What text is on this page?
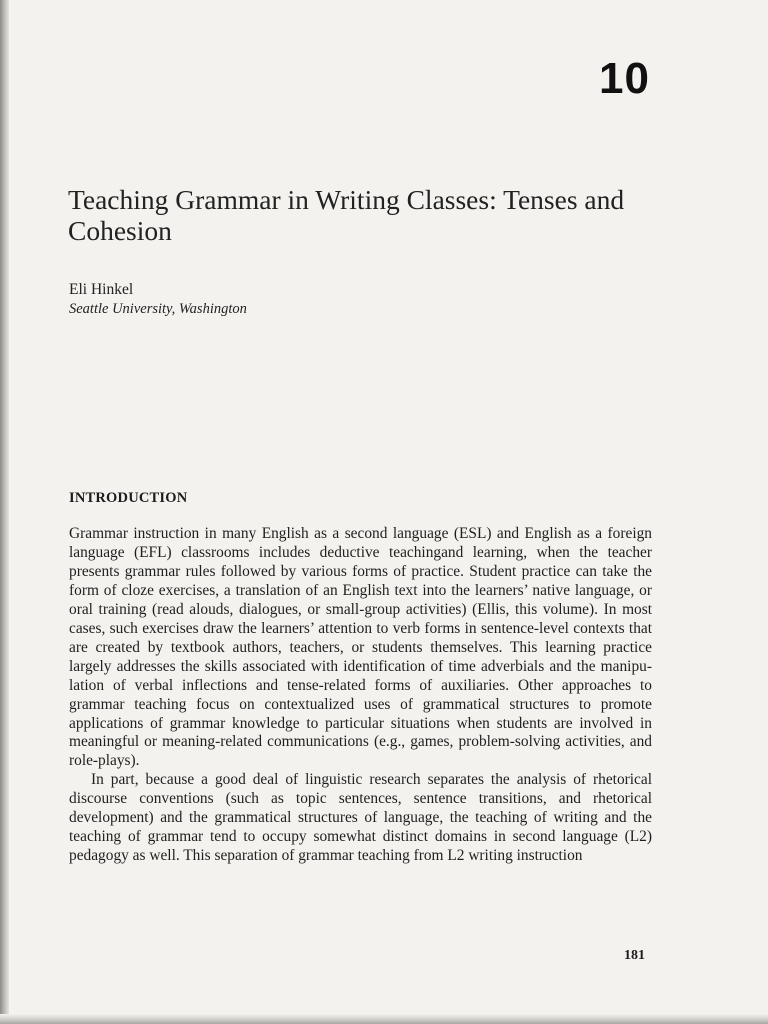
10
Teaching Grammar in Writing Classes: Tenses and Cohesion
Eli Hinkel
Seattle University, Washington
INTRODUCTION

Grammar instruction in many English as a second language (ESL) and English as a foreign language (EFL) classrooms includes deductive teachingand learning, when the teacher presents grammar rules followed by various forms of practice. Student practice can take the form of cloze exercises, a translation of an English text into the learners’ native language, or oral training (read alouds, dialogues, or small-group activities) (Ellis, this volume). In most cases, such exercises draw the learners’ attention to verb forms in sentence-level contexts that are created by textbook authors, teachers, or students themselves. This learning practice largely addresses the skills associated with identification of time adverbials and the manipulation of verbal inflections and tense-related forms of auxiliaries. Other approaches to grammar teaching focus on contextualized uses of grammatical structures to promote applications of grammar knowledge to particular situations when students are involved in meaningful or meaning-related communications (e.g., games, problem-solving activities, and role-plays).

In part, because a good deal of linguistic research separates the analysis of rhetorical discourse conventions (such as topic sentences, sentence transitions, and rhetorical development) and the grammatical structures of language, the teaching of writing and the teaching of grammar tend to occupy somewhat distinct domains in second language (L2) pedagogy as well. This separation of grammar teaching from L2 writing instruction

181
